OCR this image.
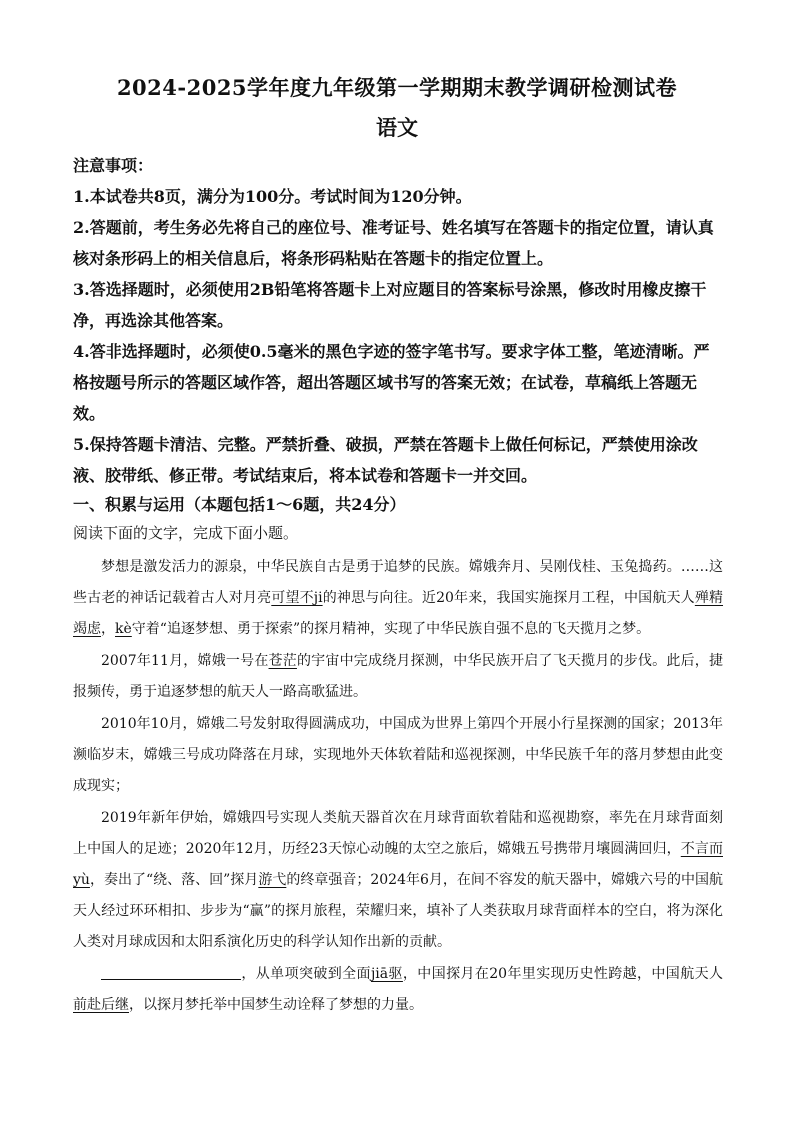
2024-2025学年度九年级第一学期期末教学调研检测试卷
语文

注意事项：

1.本试卷共8页，满分为100分。考试时间为120分钟。

2.答题前，考生务必先将自己的座位号、准考证号、姓名填写在答题卡的指定位置，请认真核对条形码上的相关信息后，将条形码粘贴在答题卡的指定位置上。

3.答选择题时，必须使用2B铅笔将答题卡上对应题目的答案标号涂黑，修改时用橡皮擦干净，再选涂其他答案。

4.答非选择题时，必须使0.5毫米的黑色字迹的签字笔书写。要求字体工整，笔迹清晰。严格按题号所示的答题区域作答，超出答题区域书写的答案无效；在试卷，草稿纸上答题无效。

5.保持答题卡清洁、完整。严禁折叠、破损，严禁在答题卡上做任何标记，严禁使用涂改液、胶带纸、修正带。考试结束后，将本试卷和答题卡一并交回。

一、积累与运用（本题包括1～6题，共24分）
阅读下面的文字，完成下面小题。

梦想是激发活力的源泉，中华民族自古是勇于追梦的民族。嫦娥奔月、吴刚伐桂、玉兔捣药。……这些古老的神话记载着古人对月亮可望不ji的神思与向往。近20年来，我国实施探月工程，中国航天人殚精竭虑，kè守着“追逐梦想、勇于探索”的探月精神，实现了中华民族自强不息的飞天揽月之梦。

2007年11月，嫦娥一号在苍茫的宇宙中完成绕月探测，中华民族开启了飞天揽月的步伐。此后，捷报频传，勇于追逐梦想的航天人一路高歌猛进。

2010年10月，嫦娥二号发射取得圆满成功，中国成为世界上第四个开展小行星探测的国家；2013年濒临岁末，嫦娥三号成功降落在月球，实现地外天体软着陆和巡视探测，中华民族千年的落月梦想由此变成现实；

2019年新年伊始，嫦娥四号实现人类航天器首次在月球背面软着陆和巡视勘察，率先在月球背面刻上中国人的足迹；2020年12月，历经23天惊心动魄的太空之旅后，嫦娥五号携带月壤圆满回归，不言而yù，奏出了“绕、落、回”探月游弋的终章强音；2024年6月，在间不容发的航天器中，嫦娥六号的中国航天人经过环环相扣、步步为“赢”的探月旅程，荣耀归来，填补了人类获取月球背面样本的空白，将为深化人类对月球成因和太阳系演化历史的科学认知作出新的贡献。

，从单项突破到全面jiā驱，中国探月在20年里实现历史性跨越，中国航天人前赴后继，以探月梦托举中国梦生动诠释了梦想的力量。
